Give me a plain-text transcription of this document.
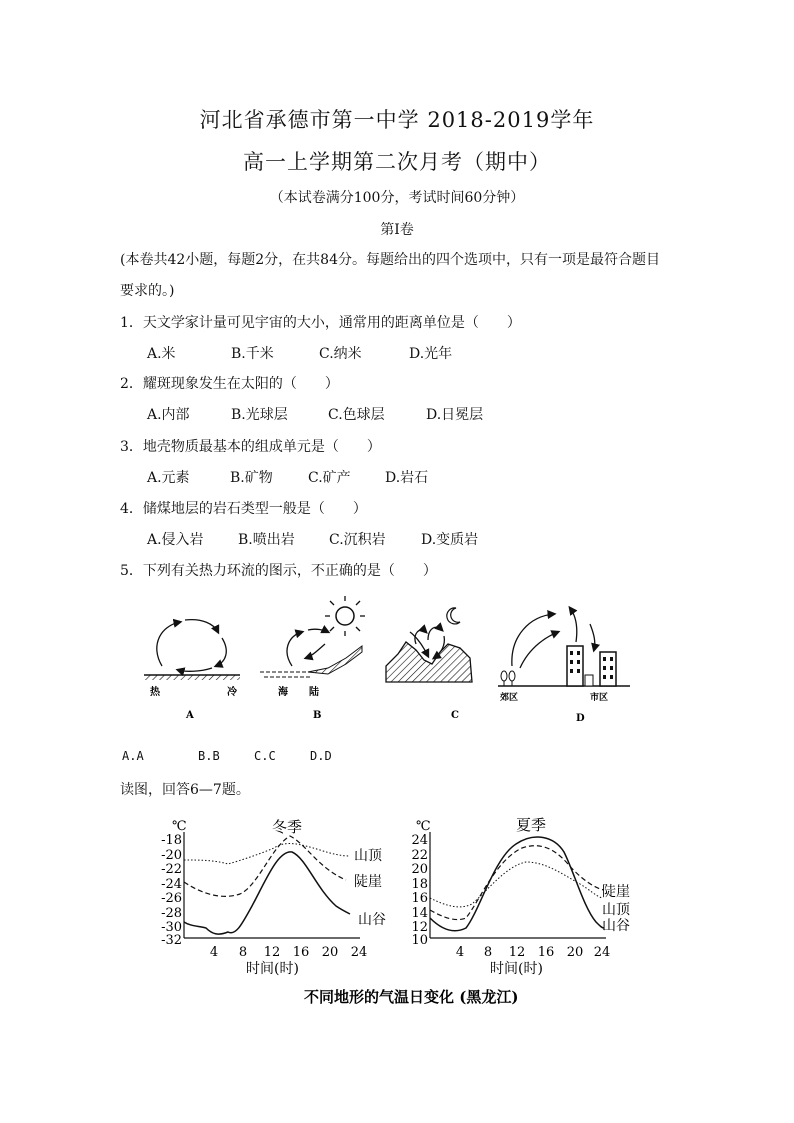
河北省承德市第一中学 2018-2019学年
高一上学期第二次月考（期中）
（本试卷满分100分，考试时间60分钟）
第Ⅰ卷
(本卷共42小题，每题2分，在共84分。每题给出的四个选项中，只有一项是最符合题目
要求的。)
1．天文学家计量可见宇宙的大小，通常用的距离单位是（　　）
A.米	B.千米	C.纳米	D.光年
2．耀斑现象发生在太阳的（　　）
A.内部	B.光球层	C.色球层	D.日冕层
3．地壳物质最基本的组成单元是（　　）
A.元素	B.矿物	C.矿产 D.岩石
4．储煤地层的岩石类型一般是（　　）
A.侵入岩 B.喷出岩 C.沉积岩	D.变质岩
5．下列有关热力环流的图示，不正确的是（　　）
热	冷
A
海 陆
B	C
郊区	市区
D
A.A	B.B	C.C	D.D
读图，回答6—7题。
℃	冬季
-18
-20
-22
-24
-26
-28
-30
-32
4 8 12 16 20 24
时间(时)
山顶
陡崖
山谷
℃	夏季
24
22
20
18
16
14
12
10
4 8 12 16 20 24
时间(时)
陡崖
山顶
山谷
不同地形的气温日变化 (黑龙江)
